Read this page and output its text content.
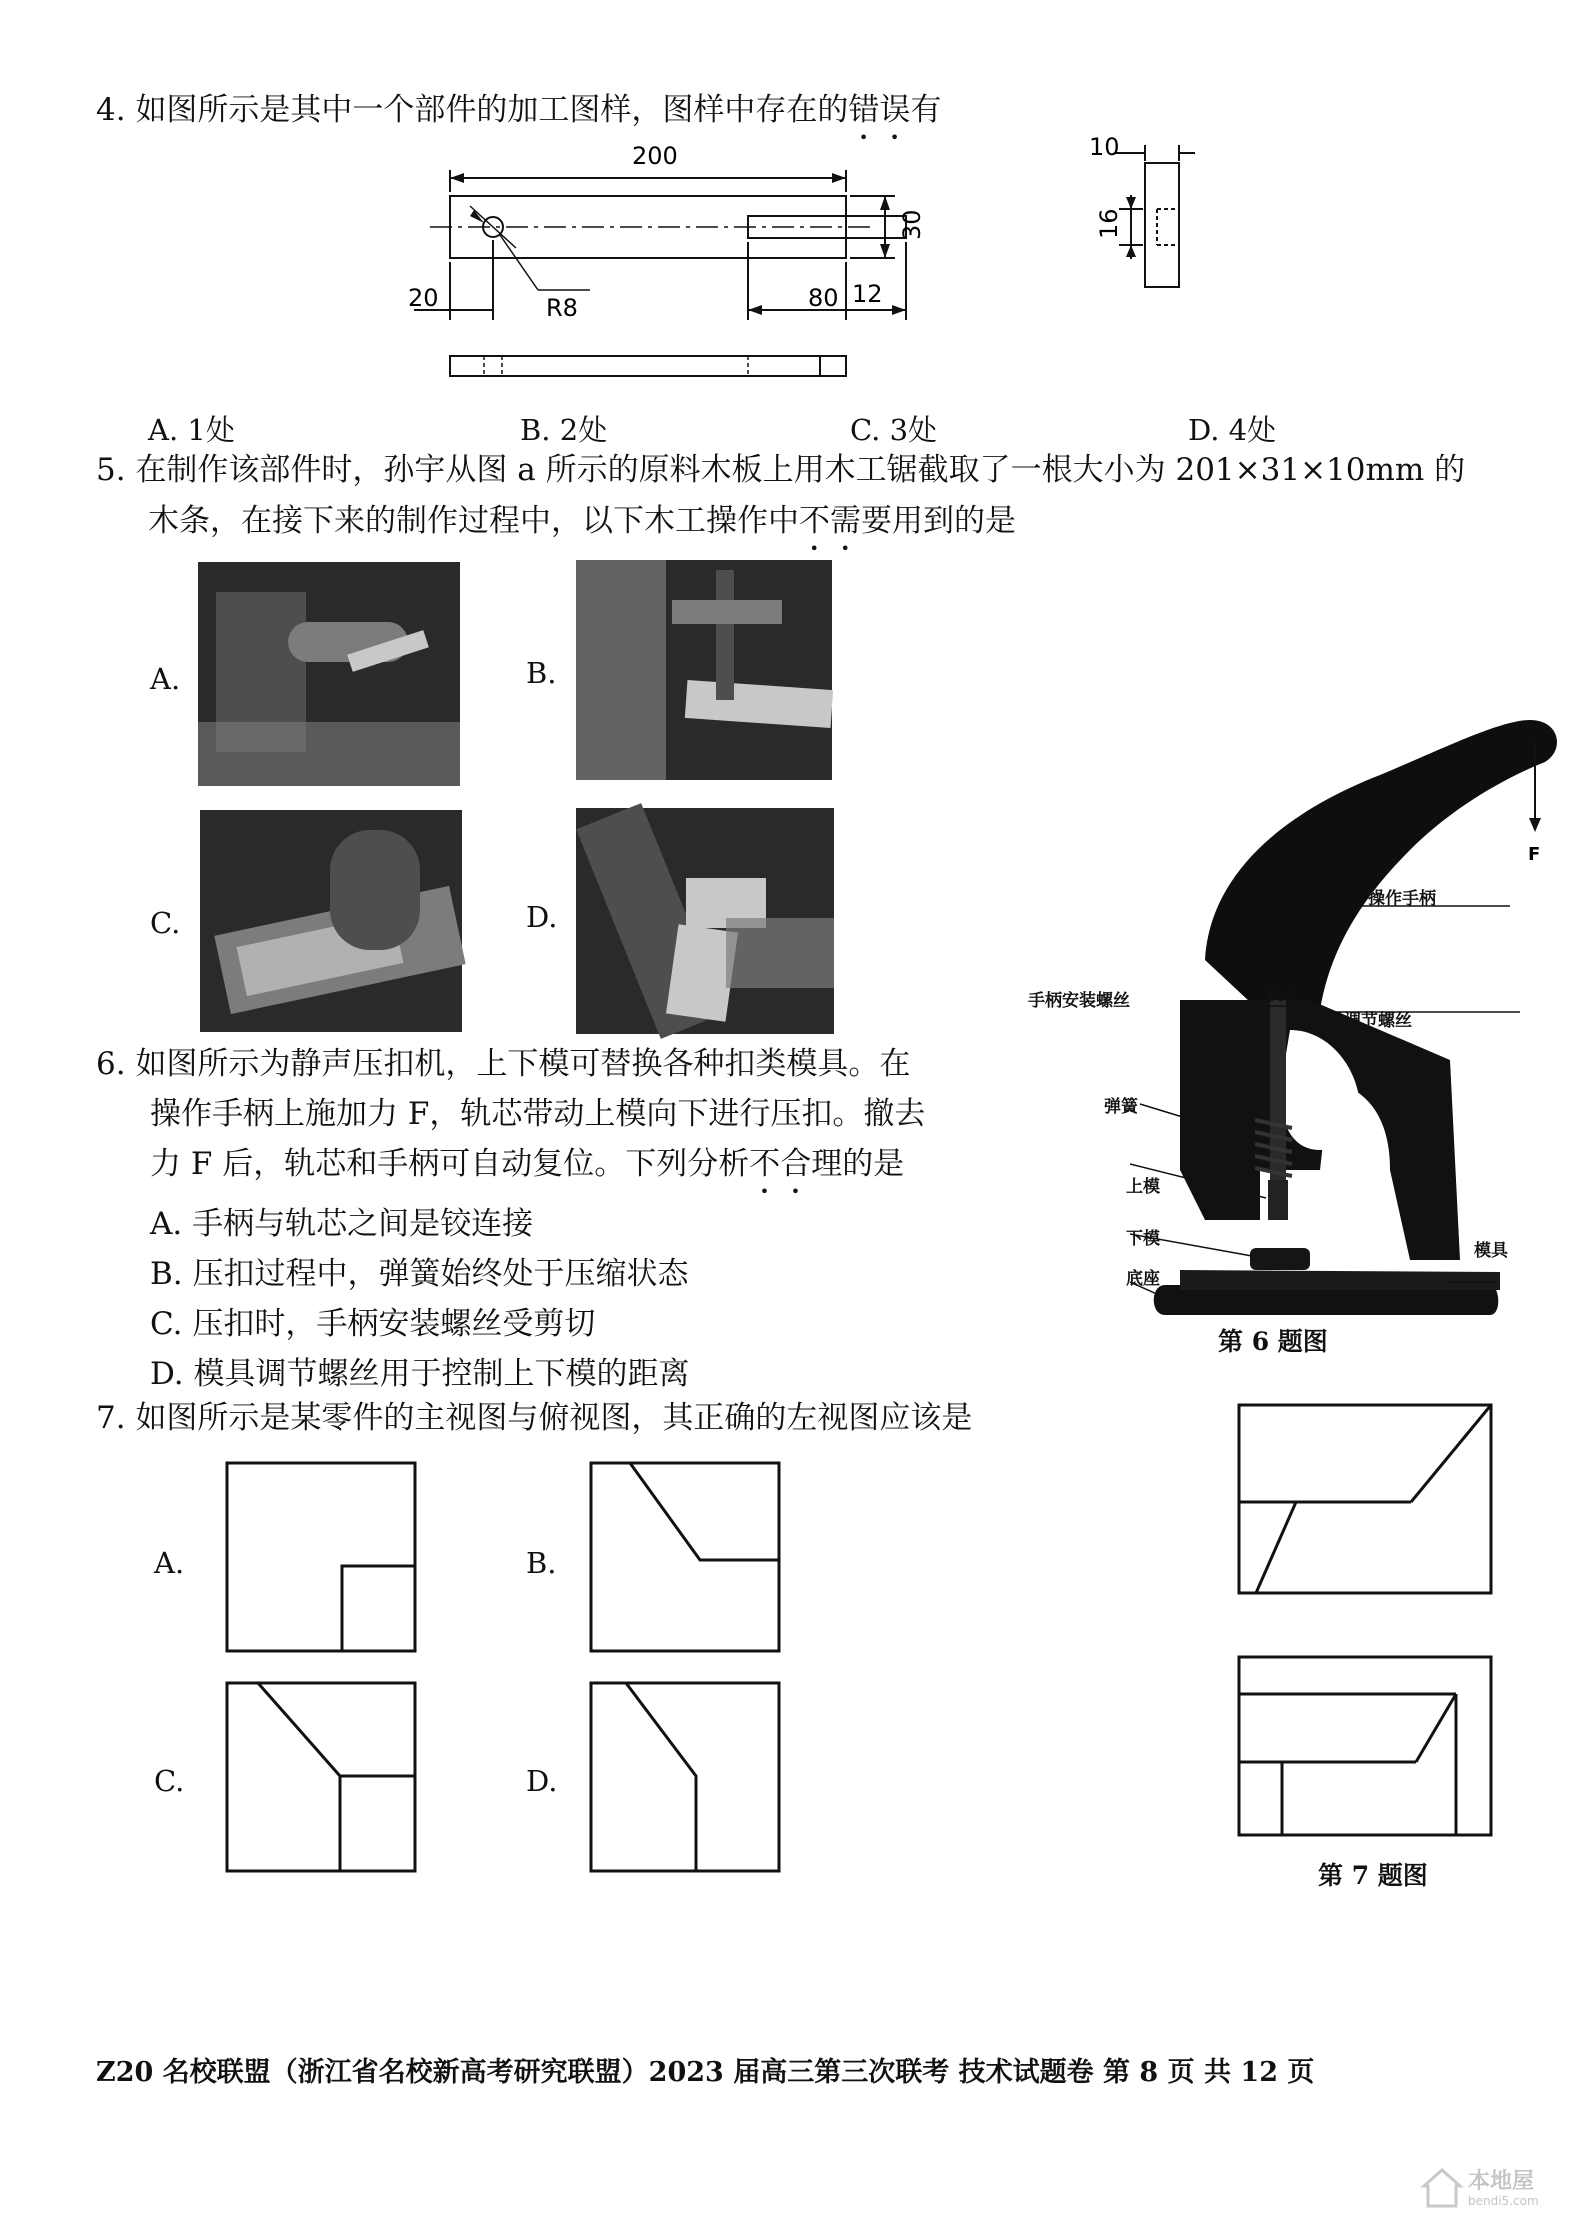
4. 如图所示是其中一个部件的加工图样，图样中存在的错误有
200
20	R8	80 12
30
10
16
A. 1处	B. 2处	C. 3处	D. 4处
5. 在制作该部件时，孙宇从图 a 所示的原料木板上用木工锯截取了一根大小为 201×31×10mm 的
木条，在接下来的制作过程中，以下木工操作中不需要用到的是
A.	B.
C.	D.
6. 如图所示为静声压扣机，上下模可替换各种扣类模具。在
操作手柄上施加力 F，轨芯带动上模向下进行压扣。撤去
力 F 后，轨芯和手柄可自动复位。下列分析不合理的是
A. 手柄与轨芯之间是铰连接
B. 压扣过程中，弹簧始终处于压缩状态
C. 压扣时，手柄安装螺丝受剪切
D. 模具调节螺丝用于控制上下模的距离
F
操作手柄
轨芯
手柄安装螺丝
模具调节螺丝
弹簧
上模
下模
底座
模具
第 6 题图
7. 如图所示是某零件的主视图与俯视图，其正确的左视图应该是
A.	B.
C.	D.
第 7 题图
Z20 名校联盟（浙江省名校新高考研究联盟）2023 届高三第三次联考 技术试题卷 第 8 页 共 12 页
本地屋
bendi5.com
